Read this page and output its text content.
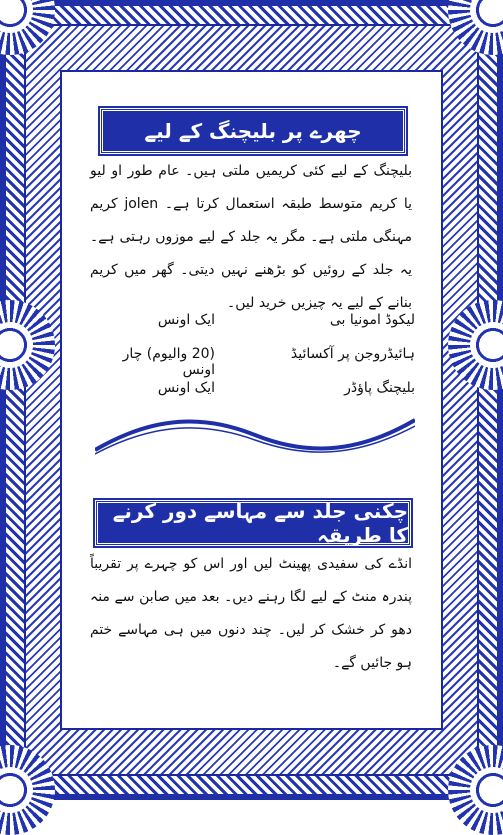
چھرے پر بلیچنگ کے لیے
بلیچنگ کے لیے کئی کریمیں ملتی ہیں۔ عام طور او لیو یا کریم متوسط طبقہ استعمال کرتا ہے۔ jolen کریم مہنگی ملتی ہے۔ مگر یہ جلد کے لیے موزوں رہتی ہے۔ یہ جلد کے روئیں کو بڑھنے نہیں دیتی۔ گھر میں کریم بنانے کے لیے یہ چیزیں خرید لیں۔
لیکوڈ امونیا بی
ایک اونس
ہائیڈروجن پر آکسائیڈ
(20 والیوم) چار اونس
بلیچنگ پاؤڈر
ایک اونس
چکنی جلد سے مہاسے دور کرنے کا طریقہ
انڈے کی سفیدی پھینٹ لیں اور اس کو چہرے پر تقریباً پندرہ منٹ کے لیے لگا رہنے دیں۔ بعد میں صابن سے منہ دھو کر خشک کر لیں۔ چند دنوں میں ہی مہاسے ختم ہو جائیں گے۔
